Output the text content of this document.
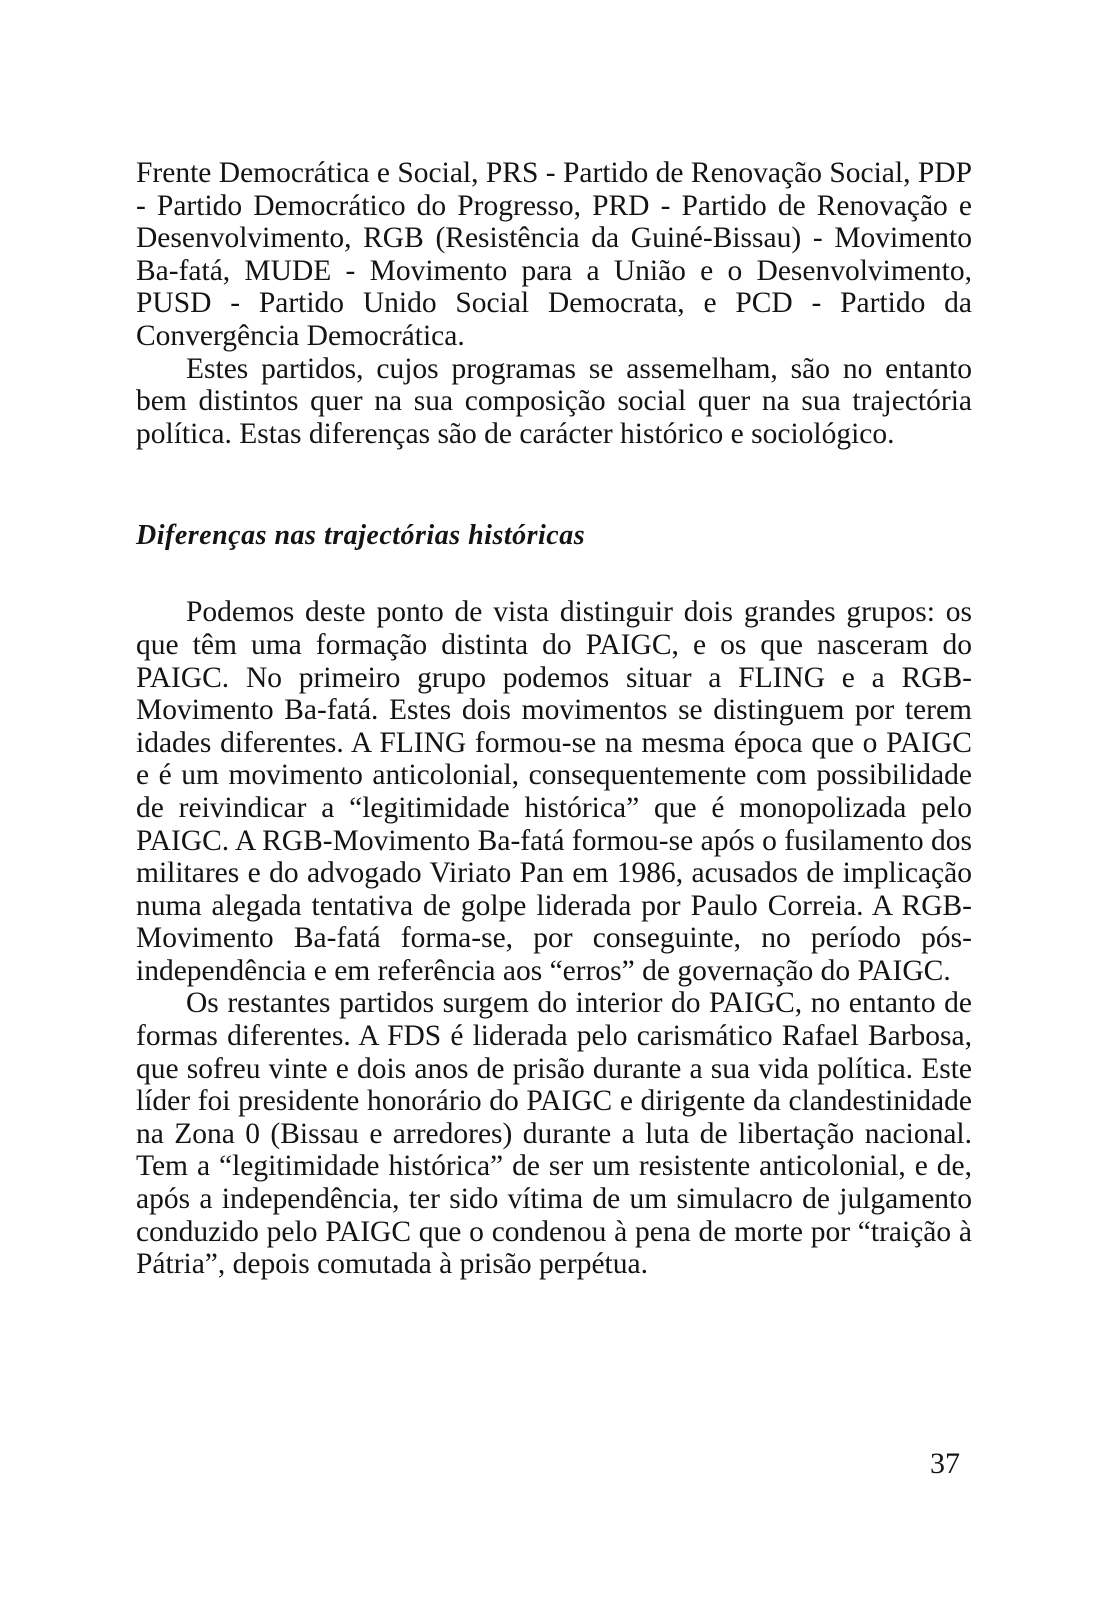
Frente Democrática e Social, PRS - Partido de Renovação Social, PDP - Partido Democrático do Progresso, PRD - Partido de Renovação e Desenvolvimento, RGB (Resistência da Guiné-Bissau) - Movimento Ba-fatá, MUDE - Movimento para a União e o Desenvolvimento, PUSD - Partido Unido Social Democrata, e PCD - Partido da Convergência Democrática.

Estes partidos, cujos programas se assemelham, são no entanto bem distintos quer na sua composição social quer na sua trajectória política. Estas diferenças são de carácter histórico e sociológico.

Diferenças nas trajectórias históricas

Podemos deste ponto de vista distinguir dois grandes grupos: os que têm uma formação distinta do PAIGC, e os que nasceram do PAIGC. No primeiro grupo podemos situar a FLING e a RGB-Movimento Ba-fatá. Estes dois movimentos se distinguem por terem idades diferentes. A FLING formou-se na mesma época que o PAIGC e é um movimento anticolonial, consequentemente com possibilidade de reivindicar a “legitimidade histórica” que é monopolizada pelo PAIGC. A RGB-Movimento Ba-fatá formou-se após o fusilamento dos militares e do advogado Viriato Pan em 1986, acusados de implicação numa alegada tentativa de golpe liderada por Paulo Correia. A RGB-Movimento Ba-fatá forma-se, por conseguinte, no período pós-independência e em referência aos “erros” de governação do PAIGC.

Os restantes partidos surgem do interior do PAIGC, no entanto de formas diferentes. A FDS é liderada pelo carismático Rafael Barbosa, que sofreu vinte e dois anos de prisão durante a sua vida política. Este líder foi presidente honorário do PAIGC e dirigente da clandestinidade na Zona 0 (Bissau e arredores) durante a luta de libertação nacional. Tem a “legitimidade histórica” de ser um resistente anticolonial, e de, após a independência, ter sido vítima de um simulacro de julgamento conduzido pelo PAIGC que o condenou à pena de morte por “traição à Pátria”, depois comutada à prisão perpétua.

37
